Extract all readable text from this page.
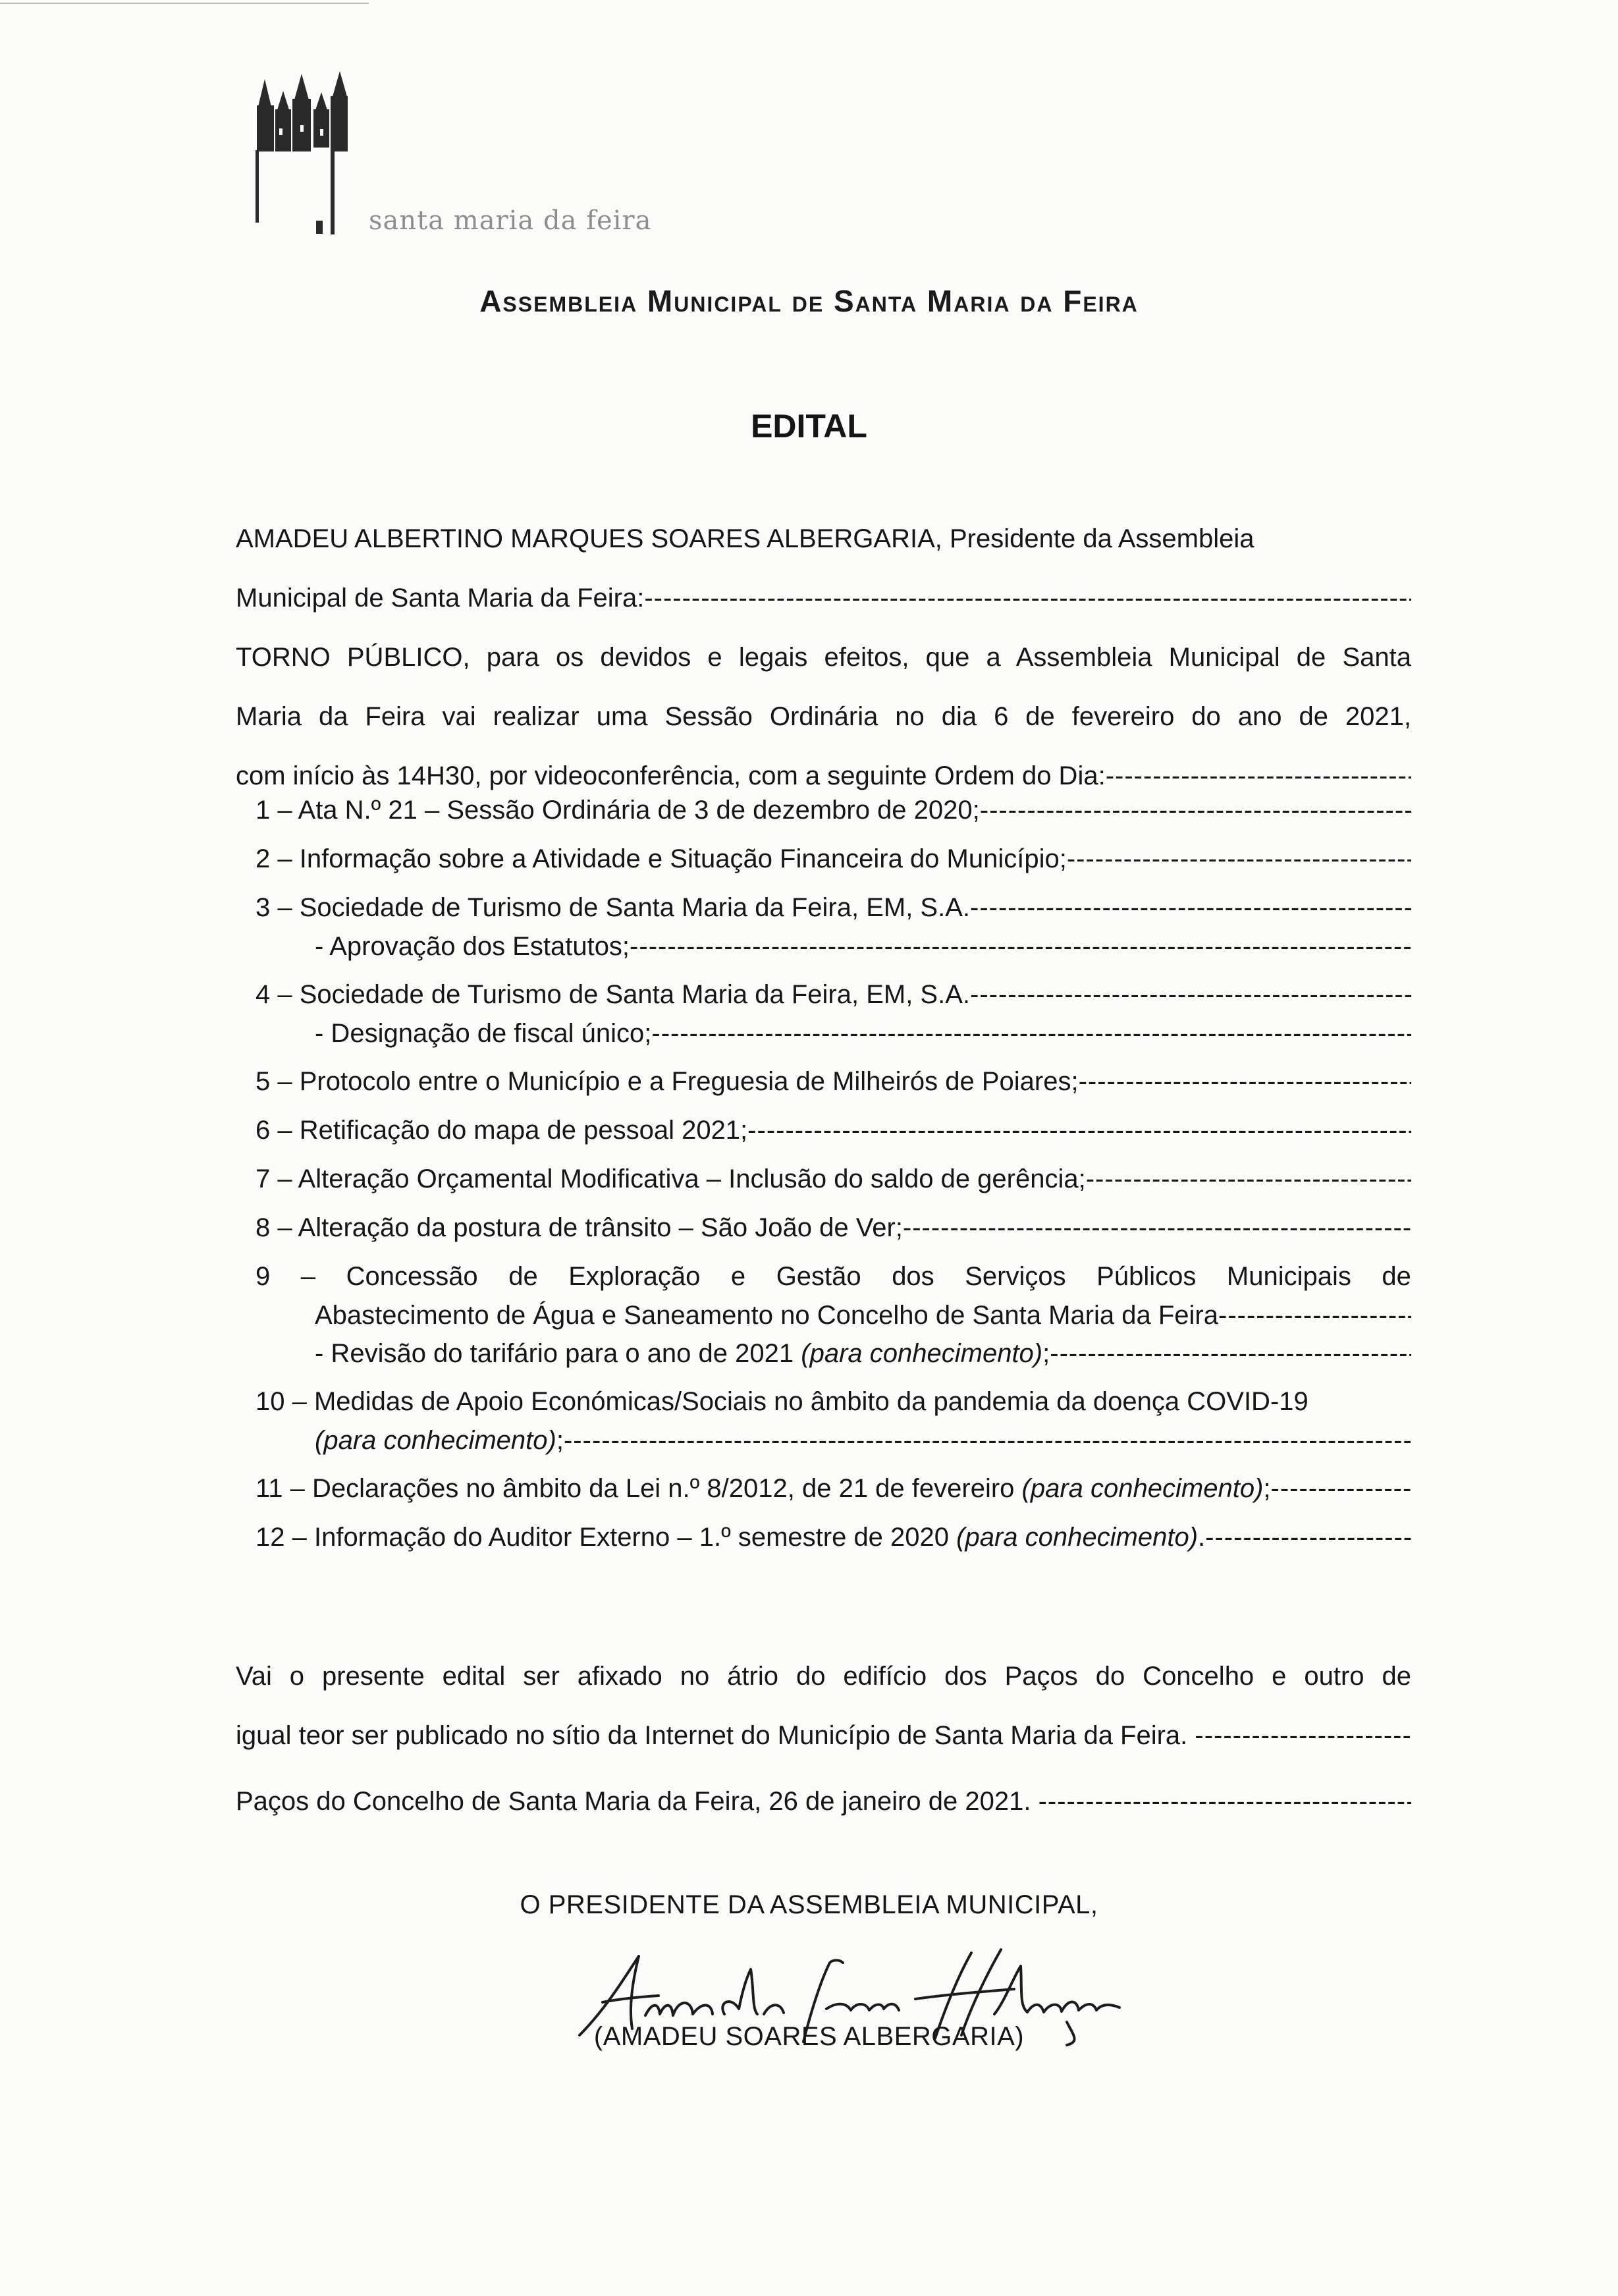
santa maria da feira
Assembleia Municipal de Santa Maria da Feira
EDITAL

AMADEU ALBERTINO MARQUES SOARES ALBERGARIA, Presidente da Assembleia

Municipal de Santa Maria da Feira:
-----

TORNO PÚBLICO, para os devidos e legais efeitos, que a Assembleia Municipal de Santa

Maria da Feira vai realizar uma Sessão Ordinária no dia 6 de fevereiro do ano de 2021,

com início às 14H30, por videoconferência, com a seguinte Ordem do Dia:
-----
1 – Ata N.º 21 – Sessão Ordinária de 3 de dezembro de 2020;
-----
2 – Informação sobre a Atividade e Situação Financeira do Município;
-----
3 – Sociedade de Turismo de Santa Maria da Feira, EM, S.A.
-----
- Aprovação dos Estatutos;
-----
4 – Sociedade de Turismo de Santa Maria da Feira, EM, S.A.
-----
- Designação de fiscal único;
-----
5 – Protocolo entre o Município e a Freguesia de Milheirós de Poiares;
-----
6 – Retificação do mapa de pessoal 2021;
-----
7 – Alteração Orçamental Modificativa – Inclusão do saldo de gerência;
-----
8 – Alteração da postura de trânsito – São João de Ver;
-----
9 – Concessão de Exploração e Gestão dos Serviços Públicos Municipais de
Abastecimento de Água e Saneamento no Concelho de Santa Maria da Feira
-----
- Revisão do tarifário para o ano de 2021
(para conhecimento) ;
-----
10 – Medidas de Apoio Económicas/Sociais no âmbito da pandemia da doença COVID-19
(para conhecimento) ;
-----
11 – Declarações no âmbito da Lei n.º 8/2012, de 21 de fevereiro
(para conhecimento) ;
-----
12 – Informação do Auditor Externo – 1.º semestre de 2020
(para conhecimento) .
-----

Vai o presente edital ser afixado no átrio do edifício dos Paços do Concelho e outro de

igual teor ser publicado no sítio da Internet do Município de Santa Maria da Feira.

-----
Paços do Concelho de Santa Maria da Feira, 26 de janeiro de 2021.

-----
O PRESIDENTE DA ASSEMBLEIA MUNICIPAL,
(AMADEU SOARES ALBERGARIA)
